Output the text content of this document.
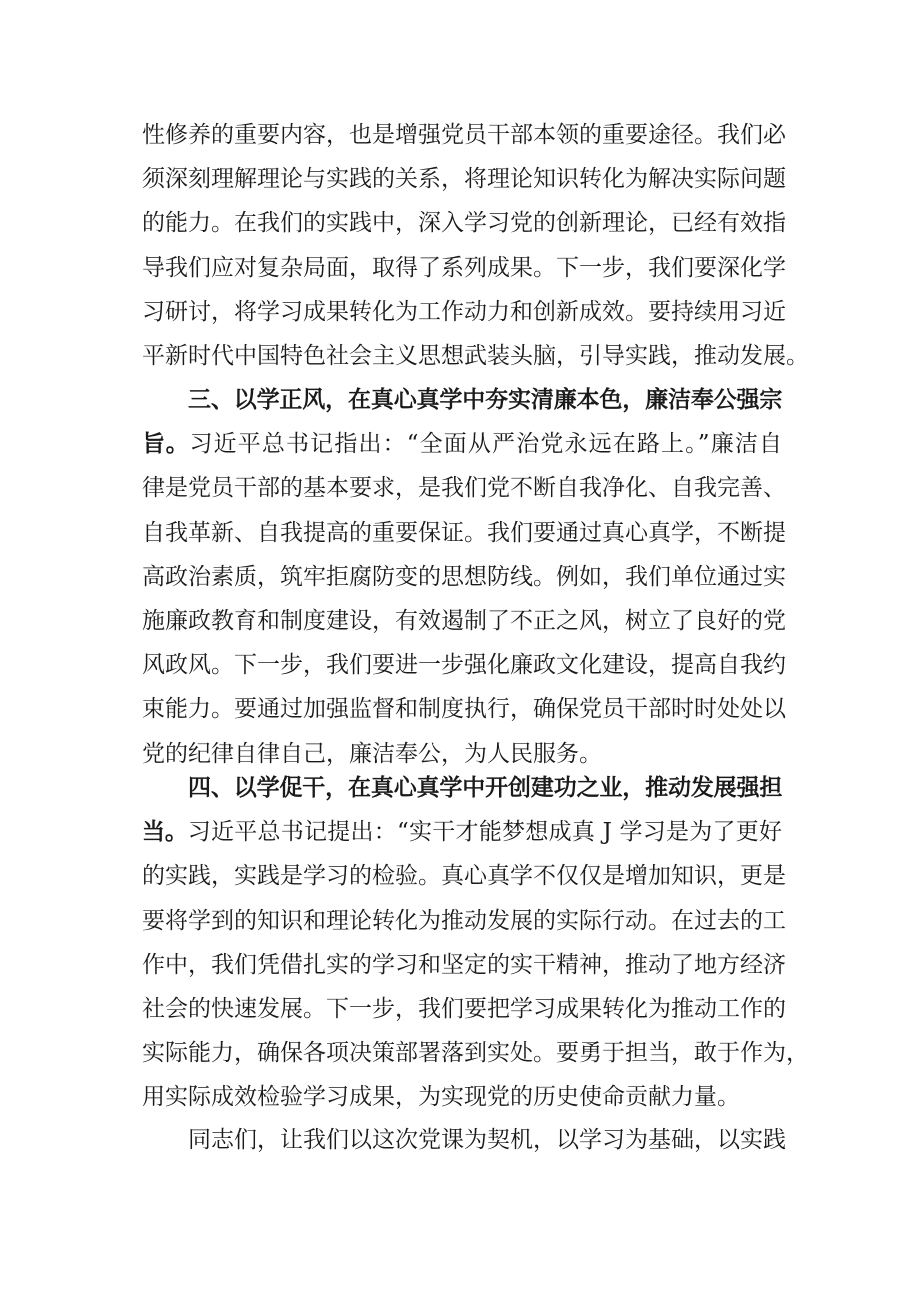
性修养的重要内容，也是增强党员干部本领的重要途径。我们必
须深刻理解理论与实践的关系，将理论知识转化为解决实际问题
的能力。在我们的实践中，深入学习党的创新理论，已经有效指
导我们应对复杂局面，取得了系列成果。下一步，我们要深化学
习研讨，将学习成果转化为工作动力和创新成效。要持续用习近
平新时代中国特色社会主义思想武装头脑，引导实践，推动发展。
三、以学正风，在真心真学中夯实清廉本色，廉洁奉公强宗
旨。习近平总书记指出：“全面从严治党永远在路上。”廉洁自
律是党员干部的基本要求，是我们党不断自我净化、自我完善、
自我革新、自我提高的重要保证。我们要通过真心真学，不断提
高政治素质，筑牢拒腐防变的思想防线。例如，我们单位通过实
施廉政教育和制度建设，有效遏制了不正之风，树立了良好的党
风政风。下一步，我们要进一步强化廉政文化建设，提高自我约
束能力。要通过加强监督和制度执行，确保党员干部时时处处以
党的纪律自律自己，廉洁奉公，为人民服务。
四、以学促干，在真心真学中开创建功之业，推动发展强担
当。习近平总书记提出：“实干才能梦想成真 J 学习是为了更好
的实践，实践是学习的检验。真心真学不仅仅是增加知识，更是
要将学到的知识和理论转化为推动发展的实际行动。在过去的工
作中，我们凭借扎实的学习和坚定的实干精神，推动了地方经济
社会的快速发展。下一步，我们要把学习成果转化为推动工作的
实际能力，确保各项决策部署落到实处。要勇于担当，敢于作为，
用实际成效检验学习成果，为实现党的历史使命贡献力量。
同志们，让我们以这次党课为契机，以学习为基础，以实践
